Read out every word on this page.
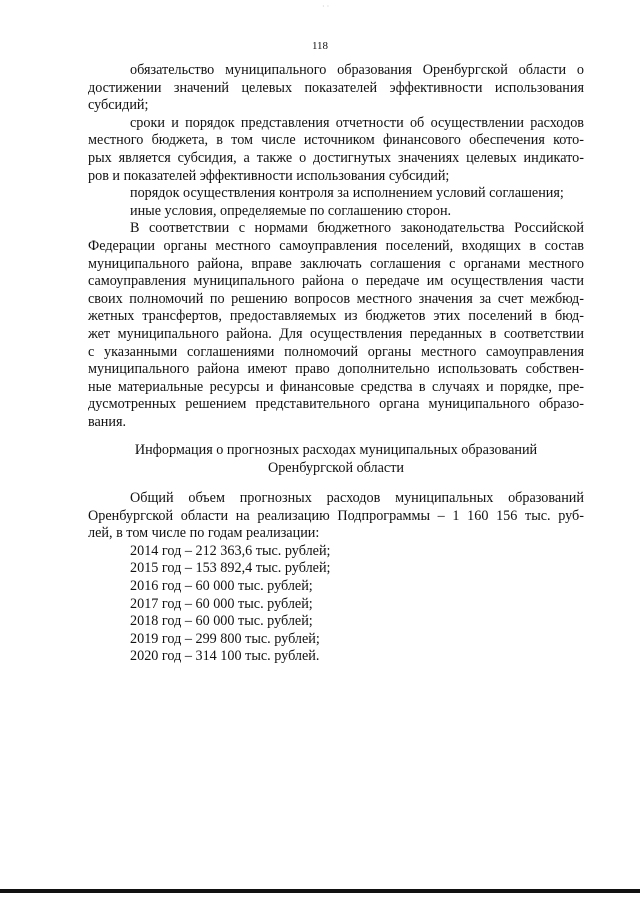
· ·
118
обязательство муниципального образования Оренбургской области о
достижении значений целевых показателей эффективности использования
субсидий;
сроки и порядок представления отчетности об осуществлении расходов
местного бюджета, в том числе источником финансового обеспечения кото-
рых является субсидия, а также о достигнутых значениях целевых индикато-
ров и показателей эффективности использования субсидий;
порядок осуществления контроля за исполнением условий соглашения;
иные условия, определяемые по соглашению сторон.
В соответствии с нормами бюджетного законодательства Российской
Федерации органы местного самоуправления поселений, входящих в состав
муниципального района, вправе заключать соглашения с органами местного
самоуправления муниципального района о передаче им осуществления части
своих полномочий по решению вопросов местного значения за счет межбюд-
жетных трансфертов, предоставляемых из бюджетов этих поселений в бюд-
жет муниципального района. Для осуществления переданных в соответствии
с указанными соглашениями полномочий органы местного самоуправления
муниципального района имеют право дополнительно использовать собствен-
ные материальные ресурсы и финансовые средства в случаях и порядке, пре-
дусмотренных решением представительного органа муниципального образо-
вания.
Информация о прогнозных расходах муниципальных образований
Оренбургской области
Общий объем прогнозных расходов муниципальных образований
Оренбургской области на реализацию Подпрограммы – 1 160 156 тыс. руб-
лей, в том числе по годам реализации:
2014 год – 212 363,6 тыс. рублей;
2015 год – 153 892,4 тыс. рублей;
2016 год – 60 000 тыс. рублей;
2017 год – 60 000 тыс. рублей;
2018 год – 60 000 тыс. рублей;
2019 год – 299 800 тыс. рублей;
2020 год – 314 100 тыс. рублей.
